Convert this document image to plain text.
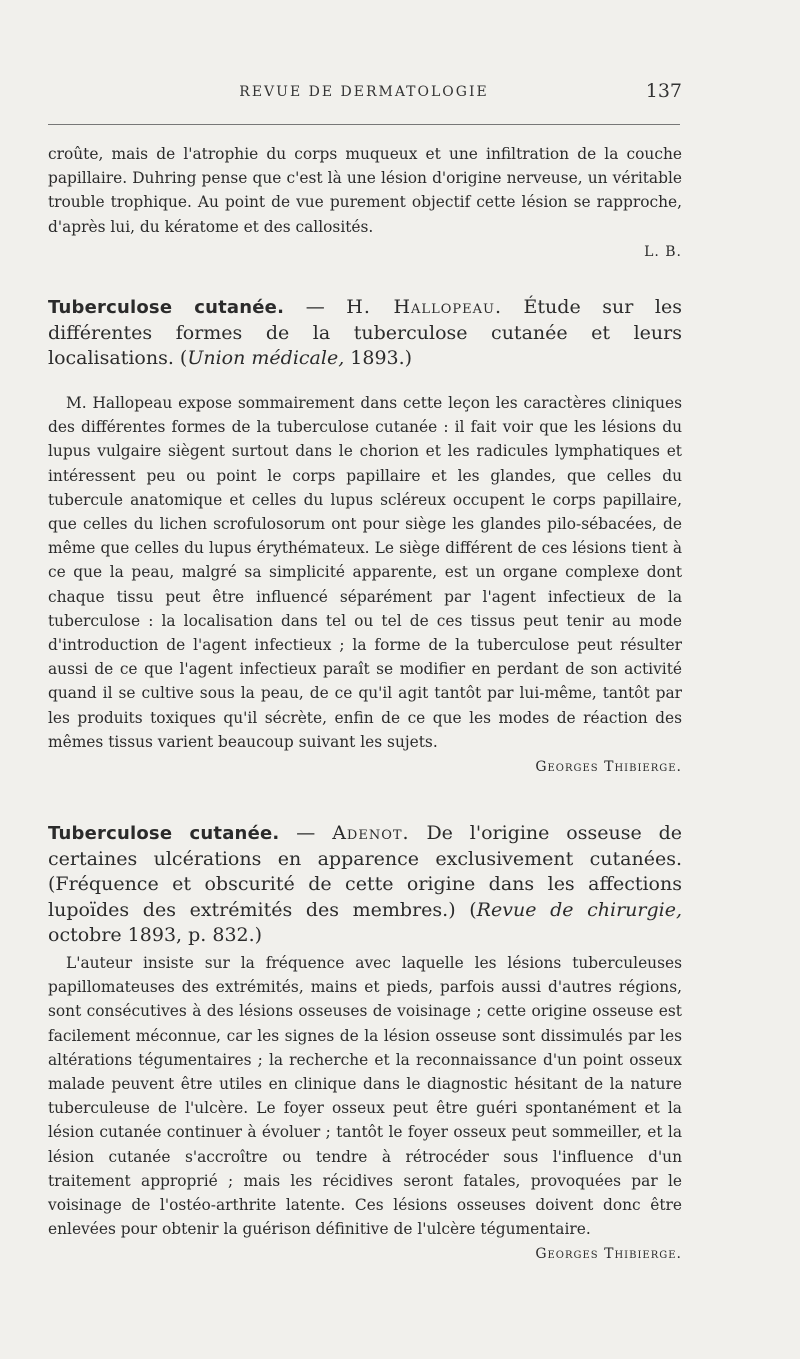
REVUE DE DERMATOLOGIE	137

croûte, mais de l'atrophie du corps muqueux et une infiltration de la couche papillaire. Duhring pense que c'est là une lésion d'origine nerveuse, un véritable trouble trophique. Au point de vue purement objectif cette lésion se rapproche, d'après lui, du kératome et des callosités.

L. B.
Tuberculose cutanée. — H. Hallopeau. Étude sur les différentes formes de la tuberculose cutanée et leurs localisations. (Union médicale, 1893.)

M. Hallopeau expose sommairement dans cette leçon les caractères cliniques des différentes formes de la tuberculose cutanée : il fait voir que les lésions du lupus vulgaire siègent surtout dans le chorion et les radicules lymphatiques et intéressent peu ou point le corps papillaire et les glandes, que celles du tubercule anatomique et celles du lupus scléreux occupent le corps papillaire, que celles du lichen scrofulosorum ont pour siège les glandes pilo-sébacées, de même que celles du lupus érythémateux. Le siège différent de ces lésions tient à ce que la peau, malgré sa simplicité apparente, est un organe complexe dont chaque tissu peut être influencé séparément par l'agent infectieux de la tuberculose : la localisation dans tel ou tel de ces tissus peut tenir au mode d'introduction de l'agent infectieux ; la forme de la tuberculose peut résulter aussi de ce que l'agent infectieux paraît se modifier en perdant de son activité quand il se cultive sous la peau, de ce qu'il agit tantôt par lui-même, tantôt par les produits toxiques qu'il sécrète, enfin de ce que les modes de réaction des mêmes tissus varient beaucoup suivant les sujets.

Georges Thibierge.
Tuberculose cutanée. — Adenot. De l'origine osseuse de certaines ulcérations en apparence exclusivement cutanées. (Fréquence et obscurité de cette origine dans les affections lupoïdes des extrémités des membres.) (Revue de chirurgie, octobre 1893, p. 832.)

L'auteur insiste sur la fréquence avec laquelle les lésions tuberculeuses papillomateuses des extrémités, mains et pieds, parfois aussi d'autres régions, sont consécutives à des lésions osseuses de voisinage ; cette origine osseuse est facilement méconnue, car les signes de la lésion osseuse sont dissimulés par les altérations tégumentaires ; la recherche et la reconnaissance d'un point osseux malade peuvent être utiles en clinique dans le diagnostic hésitant de la nature tuberculeuse de l'ulcère. Le foyer osseux peut être guéri spontanément et la lésion cutanée continuer à évoluer ; tantôt le foyer osseux peut sommeiller, et la lésion cutanée s'accroître ou tendre à rétrocéder sous l'influence d'un traitement approprié ; mais les récidives seront fatales, provoquées par le voisinage de l'ostéo-arthrite latente. Ces lésions osseuses doivent donc être enlevées pour obtenir la guérison définitive de l'ulcère tégumentaire.

Georges Thibierge.
